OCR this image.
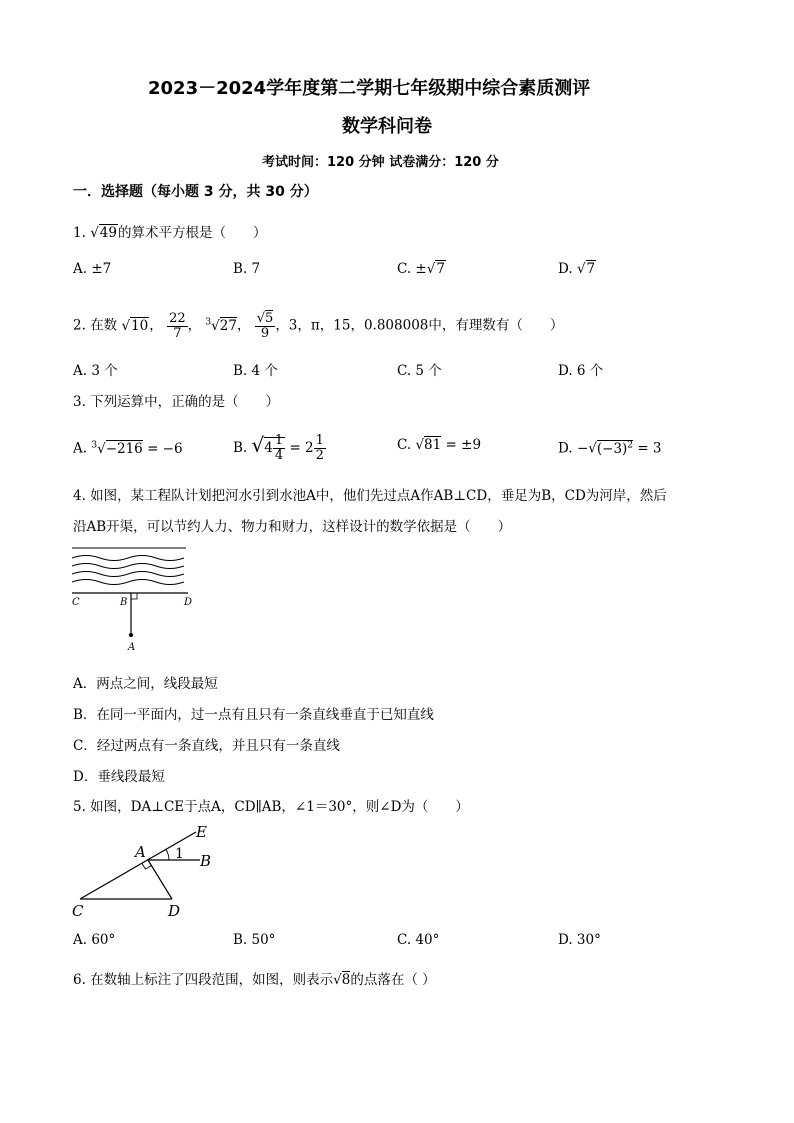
2023－2024学年度第二学期七年级期中综合素质测评
数学科问卷
考试时间：120 分钟 试卷满分：120 分
一．选择题（每小题 3 分，共 30 分）
1. √49的算术平方根是（　　）
A. ±7	B. 7	C. ±√7	D. √7
2. 在数 √10， $\frac{22}{7}$ ， $^3$√27， $\frac{√5}{9}$ ，3，π，15，0.808008中，有理数有（　　）
A. 3 个	B. 4 个	C. 5 个	D. 6 个
3. 下列运算中，正确的是（　　）
A. $^3$√−216 = −6	B. $√4 \frac{1}{4} = 2 \frac{1}{2}$	C. √81 = ±9	D. $-√(-3)^2 = 3$
4. 如图，某工程队计划把河水引到水池A中，他们先过点A作AB⊥CD，垂足为B，CD为河岸，然后
沿AB开渠，可以节约人力、物力和财力，这样设计的数学依据是（　　）
C	B	D
A
A．两点之间，线段最短
B．在同一平面内，过一点有且只有一条直线垂直于已知直线
C．经过两点有一条直线，并且只有一条直线
D．垂线段最短
5. 如图，DA⊥CE于点A，CD∥AB，∠1＝30°，则∠D为（　　）
E
A 1 B
C	D
A. 60°	B. 50°	C. 40°	D. 30°
6. 在数轴上标注了四段范围，如图，则表示√8的点落在（ ）
